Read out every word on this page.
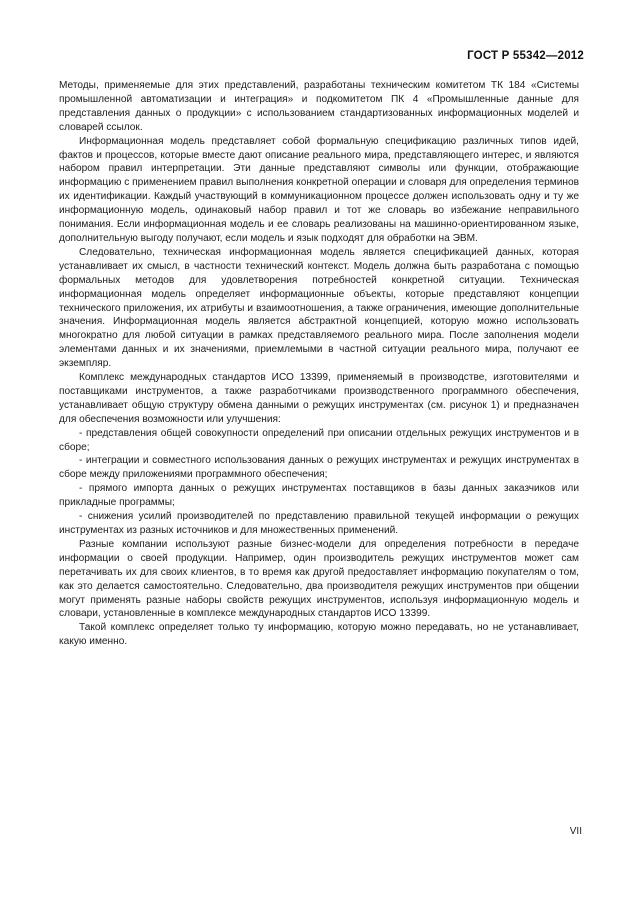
ГОСТ Р 55342—2012

Методы, применяемые для этих представлений, разработаны техническим комитетом ТК 184 «Системы промышленной автоматизации и интеграция» и подкомитетом ПК 4 «Промышленные данные для представления данных о продукции» с использованием стандартизованных информационных моделей и словарей ссылок.

Информационная модель представляет собой формальную спецификацию различных типов идей, фактов и процессов, которые вместе дают описание реального мира, представляющего интерес, и являются набором правил интерпретации. Эти данные представляют символы или функции, отображающие информацию с применением правил выполнения конкретной операции и словаря для определения терминов их идентификации. Каждый участвующий в коммуникационном процессе должен использовать одну и ту же информационную модель, одинаковый набор правил и тот же словарь во избежание неправильного понимания. Если информационная модель и ее словарь реализованы на машинно-ориентированном языке, дополнительную выгоду получают, если модель и язык подходят для обработки на ЭВМ.

Следовательно, техническая информационная модель является спецификацией данных, которая устанавливает их смысл, в частности технический контекст. Модель должна быть разработана с помощью формальных методов для удовлетворения потребностей конкретной ситуации. Техническая информационная модель определяет информационные объекты, которые представляют концепции технического приложения, их атрибуты и взаимоотношения, а также ограничения, имеющие дополнительные значения. Информационная модель является абстрактной концепцией, которую можно использовать многократно для любой ситуации в рамках представляемого реального мира. После заполнения модели элементами данных и их значениями, приемлемыми в частной ситуации реального мира, получают ее экземпляр.

Комплекс международных стандартов ИСО 13399, применяемый в производстве, изготовителями и поставщиками инструментов, а также разработчиками производственного программного обеспечения, устанавливает общую структуру обмена данными о режущих инструментах (см. рисунок 1) и предназначен для обеспечения возможности или улучшения:

- представления общей совокупности определений при описании отдельных режущих инструментов и в сборе;

- интеграции и совместного использования данных о режущих инструментах и режущих инструментах в сборе между приложениями программного обеспечения;

- прямого импорта данных о режущих инструментах поставщиков в базы данных заказчиков или прикладные программы;

- снижения усилий производителей по представлению правильной текущей информации о режущих инструментах из разных источников и для множественных применений.

Разные компании используют разные бизнес-модели для определения потребности в передаче информации о своей продукции. Например, один производитель режущих инструментов может сам перетачивать их для своих клиентов, в то время как другой предоставляет информацию покупателям о том, как это делается самостоятельно. Следовательно, два производителя режущих инструментов при общении могут применять разные наборы свойств режущих инструментов, используя информационную модель и словари, установленные в комплексе международных стандартов ИСО 13399.

Такой комплекс определяет только ту информацию, которую можно передавать, но не устанавливает, какую именно.

VII
